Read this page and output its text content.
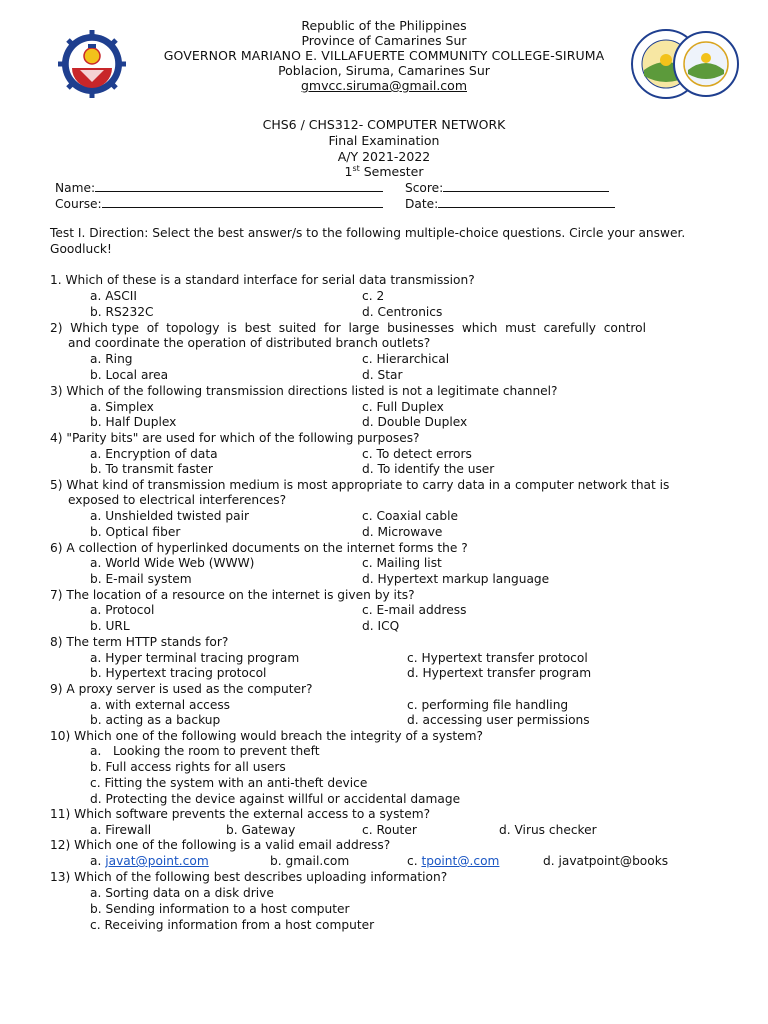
Republic of the Philippines
Province of Camarines Sur
GOVERNOR MARIANO E. VILLAFUERTE COMMUNITY COLLEGE-SIRUMA
Poblacion, Siruma, Camarines Sur
gmvcc.siruma@gmail.com
CHS6 / CHS312- COMPUTER NETWORK
Final Examination
A/Y 2021-2022
1st Semester
Name:	Score:
Course:	Date:
Test I. Direction: Select the best answer/s to the following multiple-choice questions. Circle your answer.
Goodluck!
1. Which of these is a standard interface for serial data transmission?
a. ASCII	c. 2
b. RS232C	d. Centronics
2)  Which type  of  topology  is  best  suited  for  large  businesses  which  must  carefully  control
and coordinate the operation of distributed branch outlets?
a. Ring	c. Hierarchical
b. Local area	d. Star
3) Which of the following transmission directions listed is not a legitimate channel?
a. Simplex	c. Full Duplex
b. Half Duplex	d. Double Duplex
4) "Parity bits" are used for which of the following purposes?
a. Encryption of data	c. To detect errors
b. To transmit faster	d. To identify the user
5) What kind of transmission medium is most appropriate to carry data in a computer network that is
exposed to electrical interferences?
a. Unshielded twisted pair	c. Coaxial cable
b. Optical fiber	d. Microwave
6) A collection of hyperlinked documents on the internet forms the ?
a. World Wide Web (WWW)	c. Mailing list
b. E-mail system	d. Hypertext markup language
7) The location of a resource on the internet is given by its?
a. Protocol	c. E-mail address
b. URL	d. ICQ
8) The term HTTP stands for?
a. Hyper terminal tracing program	c. Hypertext transfer protocol
b. Hypertext tracing protocol	d. Hypertext transfer program
9) A proxy server is used as the computer?
a. with external access	c. performing file handling
b. acting as a backup	d. accessing user permissions
10) Which one of the following would breach the integrity of a system?
a.   Looking the room to prevent theft
b. Full access rights for all users
c. Fitting the system with an anti-theft device
d. Protecting the device against willful or accidental damage
11) Which software prevents the external access to a system?
a. Firewall	b. Gateway	c. Router	d. Virus checker
12) Which one of the following is a valid email address?
a. javat@point.com	b. gmail.com	c. tpoint@.com	d. javatpoint@books
13) Which of the following best describes uploading information?
a. Sorting data on a disk drive
b. Sending information to a host computer
c. Receiving information from a host computer
